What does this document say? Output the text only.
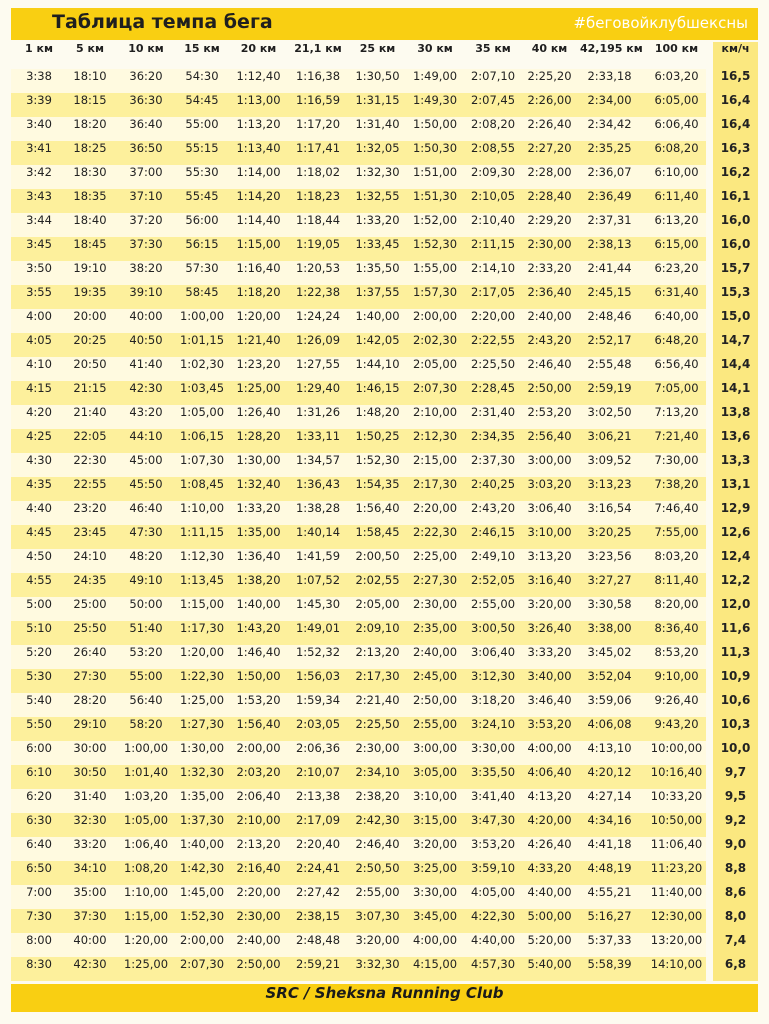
Таблица темпа бега	#беговойклубшексны
1 км	5 км	10 км	15 км	20 км	21,1 км	25 км	30 км	35 км	40 км	42,195 км	100 км	км/ч
3:38	18:10	36:20	54:30	1:12,40	1:16,38	1:30,50	1:49,00	2:07,10	2:25,20	2:33,18	6:03,20	16,5
3:39	18:15	36:30	54:45	1:13,00	1:16,59	1:31,15	1:49,30	2:07,45	2:26,00	2:34,00	6:05,00	16,4
3:40	18:20	36:40	55:00	1:13,20	1:17,20	1:31,40	1:50,00	2:08,20	2:26,40	2:34,42	6:06,40	16,4
3:41	18:25	36:50	55:15	1:13,40	1:17,41	1:32,05	1:50,30	2:08,55	2:27,20	2:35,25	6:08,20	16,3
3:42	18:30	37:00	55:30	1:14,00	1:18,02	1:32,30	1:51,00	2:09,30	2:28,00	2:36,07	6:10,00	16,2
3:43	18:35	37:10	55:45	1:14,20	1:18,23	1:32,55	1:51,30	2:10,05	2:28,40	2:36,49	6:11,40	16,1
3:44	18:40	37:20	56:00	1:14,40	1:18,44	1:33,20	1:52,00	2:10,40	2:29,20	2:37,31	6:13,20	16,0
3:45	18:45	37:30	56:15	1:15,00	1:19,05	1:33,45	1:52,30	2:11,15	2:30,00	2:38,13	6:15,00	16,0
3:50	19:10	38:20	57:30	1:16,40	1:20,53	1:35,50	1:55,00	2:14,10	2:33,20	2:41,44	6:23,20	15,7
3:55	19:35	39:10	58:45	1:18,20	1:22,38	1:37,55	1:57,30	2:17,05	2:36,40	2:45,15	6:31,40	15,3
4:00	20:00	40:00	1:00,00	1:20,00	1:24,24	1:40,00	2:00,00	2:20,00	2:40,00	2:48,46	6:40,00	15,0
4:05	20:25	40:50	1:01,15	1:21,40	1:26,09	1:42,05	2:02,30	2:22,55	2:43,20	2:52,17	6:48,20	14,7
4:10	20:50	41:40	1:02,30	1:23,20	1:27,55	1:44,10	2:05,00	2:25,50	2:46,40	2:55,48	6:56,40	14,4
4:15	21:15	42:30	1:03,45	1:25,00	1:29,40	1:46,15	2:07,30	2:28,45	2:50,00	2:59,19	7:05,00	14,1
4:20	21:40	43:20	1:05,00	1:26,40	1:31,26	1:48,20	2:10,00	2:31,40	2:53,20	3:02,50	7:13,20	13,8
4:25	22:05	44:10	1:06,15	1:28,20	1:33,11	1:50,25	2:12,30	2:34,35	2:56,40	3:06,21	7:21,40	13,6
4:30	22:30	45:00	1:07,30	1:30,00	1:34,57	1:52,30	2:15,00	2:37,30	3:00,00	3:09,52	7:30,00	13,3
4:35	22:55	45:50	1:08,45	1:32,40	1:36,43	1:54,35	2:17,30	2:40,25	3:03,20	3:13,23	7:38,20	13,1
4:40	23:20	46:40	1:10,00	1:33,20	1:38,28	1:56,40	2:20,00	2:43,20	3:06,40	3:16,54	7:46,40	12,9
4:45	23:45	47:30	1:11,15	1:35,00	1:40,14	1:58,45	2:22,30	2:46,15	3:10,00	3:20,25	7:55,00	12,6
4:50	24:10	48:20	1:12,30	1:36,40	1:41,59	2:00,50	2:25,00	2:49,10	3:13,20	3:23,56	8:03,20	12,4
4:55	24:35	49:10	1:13,45	1:38,20	1:07,52	2:02,55	2:27,30	2:52,05	3:16,40	3:27,27	8:11,40	12,2
5:00	25:00	50:00	1:15,00	1:40,00	1:45,30	2:05,00	2:30,00	2:55,00	3:20,00	3:30,58	8:20,00	12,0
5:10	25:50	51:40	1:17,30	1:43,20	1:49,01	2:09,10	2:35,00	3:00,50	3:26,40	3:38,00	8:36,40	11,6
5:20	26:40	53:20	1:20,00	1:46,40	1:52,32	2:13,20	2:40,00	3:06,40	3:33,20	3:45,02	8:53,20	11,3
5:30	27:30	55:00	1:22,30	1:50,00	1:56,03	2:17,30	2:45,00	3:12,30	3:40,00	3:52,04	9:10,00	10,9
5:40	28:20	56:40	1:25,00	1:53,20	1:59,34	2:21,40	2:50,00	3:18,20	3:46,40	3:59,06	9:26,40	10,6
5:50	29:10	58:20	1:27,30	1:56,40	2:03,05	2:25,50	2:55,00	3:24,10	3:53,20	4:06,08	9:43,20	10,3
6:00	30:00	1:00,00 1:30,00	2:00,00	2:06,36	2:30,00	3:00,00	3:30,00	4:00,00	4:13,10	10:00,00	10,0
6:10	30:50	1:01,40 1:32,30	2:03,20	2:10,07	2:34,10	3:05,00	3:35,50	4:06,40	4:20,12	10:16,40	9,7
6:20	31:40	1:03,20 1:35,00	2:06,40	2:13,38	2:38,20	3:10,00	3:41,40	4:13,20	4:27,14	10:33,20	9,5
6:30	32:30	1:05,00 1:37,30	2:10,00	2:17,09	2:42,30	3:15,00	3:47,30	4:20,00	4:34,16	10:50,00	9,2
6:40	33:20	1:06,40 1:40,00	2:13,20	2:20,40	2:46,40	3:20,00	3:53,20	4:26,40	4:41,18	11:06,40	9,0
6:50	34:10	1:08,20 1:42,30	2:16,40	2:24,41	2:50,50	3:25,00	3:59,10	4:33,20	4:48,19	11:23,20	8,8
7:00	35:00	1:10,00 1:45,00	2:20,00	2:27,42	2:55,00	3:30,00	4:05,00	4:40,00	4:55,21	11:40,00	8,6
7:30	37:30	1:15,00 1:52,30	2:30,00	2:38,15	3:07,30	3:45,00	4:22,30	5:00,00	5:16,27	12:30,00	8,0
8:00	40:00	1:20,00 2:00,00	2:40,00	2:48,48	3:20,00	4:00,00	4:40,00	5:20,00	5:37,33	13:20,00	7,4
8:30	42:30	1:25,00 2:07,30	2:50,00	2:59,21	3:32,30	4:15,00	4:57,30	5:40,00	5:58,39	14:10,00	6,8
SRC / Sheksna Running Club
